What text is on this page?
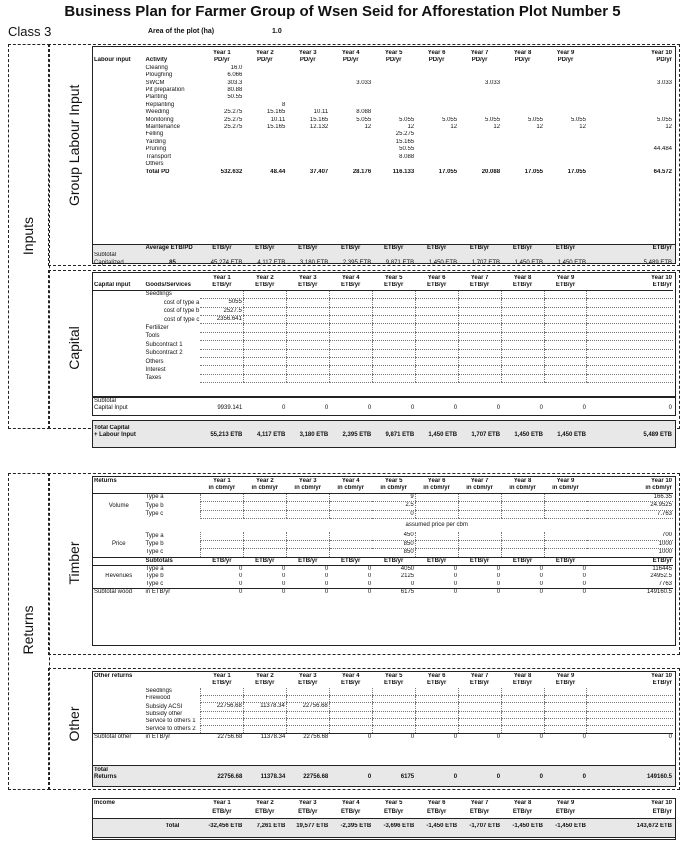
Business Plan for Farmer Group of Wsen Seid for Afforestation Plot Number 5
Class 3	Area of the plot (ha)	1.0
Inputs
Returns
Group Labour Input
Capital
Timber
Other
		Year 1	Year 2	Year 3	Year 4	Year 5	Year 6	Year 7	Year 8	Year 9	Year 10
Labour input	Activity	PD/yr	PD/yr	PD/yr	PD/yr	PD/yr	PD/yr	PD/yr	PD/yr	PD/yr	PD/yr
	Clearing	16.0									
	Ploughing	6.066									
	SWCM	303.3			3.033			3.033			3.033
	Pit preparation	80.88									
	Planting	50.55									
	Replanting		8								
	Weeding	25.275	15.165	10.11	8.088						
	Monitoring	25.275	10.11	15.165	5.055	5.055	5.055	5.055	5.055	5.055	5.055
	Maintenance	25.275	15.165	12.132	12	12	12	12	12	12	12
	Felling					25.275					
	Yarding					15.165					
	Pruning					50.55					44.484
	Transport					8.088					
	Others										
	Total PD	532.632	48.44	37.407	28.176	116.133	17.055	20.088	17.055	17.055	64.572
	Average ETB/PD	ETB/yr	ETB/yr	ETB/yr	ETB/yr	ETB/yr	ETB/yr	ETB/yr	ETB/yr	ETB/yr	ETB/yr
Subtotal
Capitalized	85	45,274 ETB	4,117 ETB	3,180 ETB	2,395 ETB	9,871 ETB	1,450 ETB	1,707 ETB	1,450 ETB	1,450 ETB	5,489 ETB
		Year 1	Year 2	Year 3	Year 4	Year 5	Year 6	Year 7	Year 8	Year 9	Year 10
Capital input	Goods/Services	ETB/yr	ETB/yr	ETB/yr	ETB/yr	ETB/yr	ETB/yr	ETB/yr	ETB/yr	ETB/yr	ETB/yr
	Seedlings										
	cost of type a	5055									
	cost of type b	2527.5									
	cost of type c	2356.641									
	Fertilizer										
	Tools										
	Subcontract 1										
	Subcontract 2										
	Others										
	Interest										
	Taxes										
Subtotal
Capital Input		9939.141	0	0	0	0	0	0	0	0	0
Total Capital
+ Labour Input		55,213 ETB	4,117 ETB	3,180 ETB	2,395 ETB	9,871 ETB	1,450 ETB	1,707 ETB	1,450 ETB	1,450 ETB	5,489 ETB
Returns		Year 1	Year 2	Year 3	Year 4	Year 5	Year 6	Year 7	Year 8	Year 9	Year 10
		in cbm/yr	in cbm/yr	in cbm/yr	in cbm/yr	in cbm/yr	in cbm/yr	in cbm/yr	in cbm/yr	in cbm/yr	in cbm/yr
	Type a					9					166.35
Volume	Type b					2.5					24.9525
	Type c					0					7.763
		assumed price per cbm									
	Type a					450					700
Price	Type b					850					1000
	Type c					850					1000
	Subtotals	ETB/yr	ETB/yr	ETB/yr	ETB/yr	ETB/yr	ETB/yr	ETB/yr	ETB/yr	ETB/yr	ETB/yr
	Type a	0	0	0	0	4050	0	0	0	0	116445
Revenues	Type b	0	0	0	0	2125	0	0	0	0	24952.5
	Type c	0	0	0	0	0	0	0	0	0	7763
Subtotal wood	in ETB/yr	0	0	0	0	6175	0	0	0	0	149160.5
Other returns		Year 1	Year 2	Year 3	Year 4	Year 5	Year 6	Year 7	Year 8	Year 9	Year 10
		ETB/yr	ETB/yr	ETB/yr	ETB/yr	ETB/yr	ETB/yr	ETB/yr	ETB/yr	ETB/yr	ETB/yr
	Seedlings										
	Firewood										
	Subsidy ACSI	22756.68	11378.34	22756.68							
	Subsidy other										
	Service to others 1										
	Service to others 2										
Subtotal other	in ETB/yr	22756.68	11378.34	22756.68	0	0	0	0	0	0	0
Total
Returns		22756.68	11378.34	22756.68	0	6175	0	0	0	0	149160.5
Income		Year 1	Year 2	Year 3	Year 4	Year 5	Year 6	Year 7	Year 8	Year 9	Year 10
		ETB/yr	ETB/yr	ETB/yr	ETB/yr	ETB/yr	ETB/yr	ETB/yr	ETB/yr	ETB/yr	ETB/yr
	Total	-32,456 ETB	7,261 ETB	19,577 ETB	-2,395 ETB	-3,696 ETB	-1,450 ETB	-1,707 ETB	-1,450 ETB	-1,450 ETB	143,672 ETB
